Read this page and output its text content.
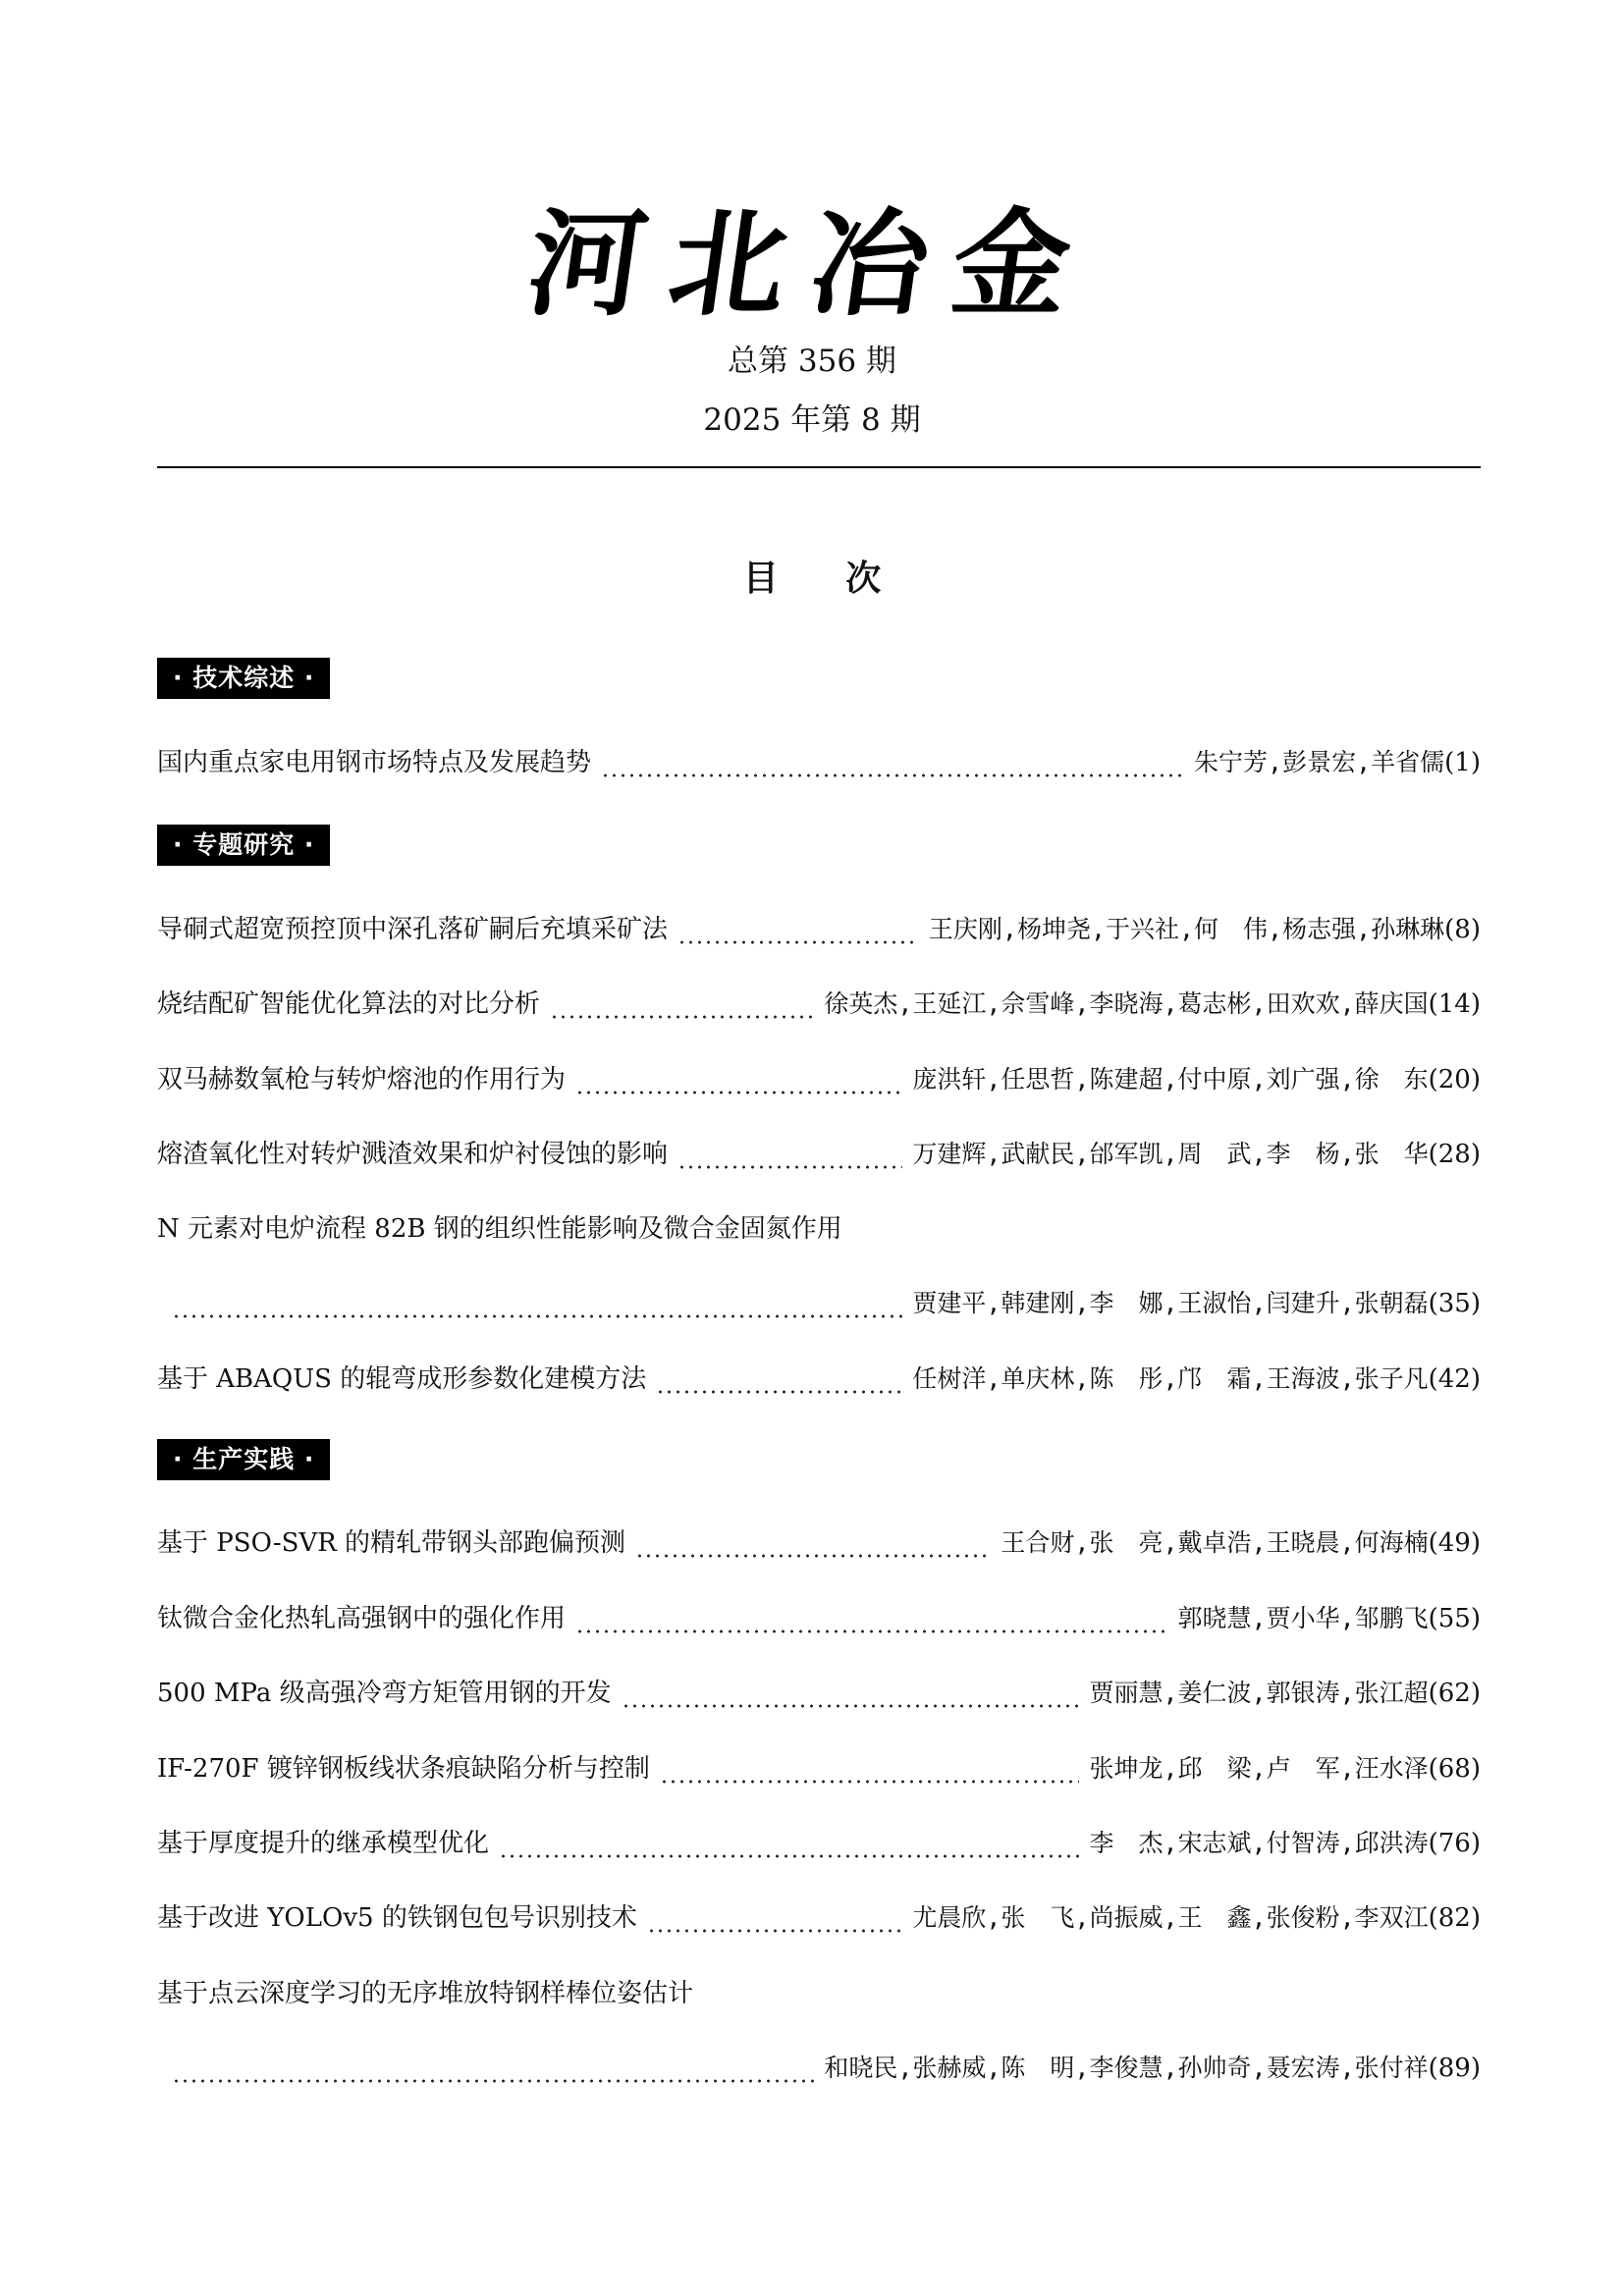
河北冶金
总第 356 期
2025 年第 8 期
目 次
· 技术综述 ·
国内重点家电用钢市场特点及发展趋势	朱宁芳,彭景宏,羊省儒 (1)
· 专题研究 ·
导硐式超宽预控顶中深孔落矿嗣后充填采矿法	王庆刚,杨坤尧,于兴社,何　伟,杨志强,孙琳琳 (8)
烧结配矿智能优化算法的对比分析	徐英杰,王延江,佘雪峰,李晓海,葛志彬,田欢欢,薛庆国 (14)
双马赫数氧枪与转炉熔池的作用行为	庞洪轩,任思哲,陈建超,付中原,刘广强,徐　东 (20)
熔渣氧化性对转炉溅渣效果和炉衬侵蚀的影响	万建辉,武献民,邰军凯,周　武,李　杨,张　华 (28)
N 元素对电炉流程 82B 钢的组织性能影响及微合金固氮作用
贾建平,韩建刚,李　娜,王淑怡,闫建升,张朝磊 (35)
基于 ABAQUS 的辊弯成形参数化建模方法	任树洋,单庆林,陈　彤,邝　霜,王海波,张子凡 (42)
· 生产实践 ·
基于 PSO-SVR 的精轧带钢头部跑偏预测	王合财,张　亮,戴卓浩,王晓晨,何海楠 (49)
钛微合金化热轧高强钢中的强化作用	郭晓慧,贾小华,邹鹏飞 (55)
500 MPa 级高强冷弯方矩管用钢的开发	贾丽慧,姜仁波,郭银涛,张江超 (62)
IF-270F 镀锌钢板线状条痕缺陷分析与控制	张坤龙,邱　梁,卢　军,汪水泽 (68)
基于厚度提升的继承模型优化	李　杰,宋志斌,付智涛,邱洪涛 (76)
基于改进 YOLOv5 的铁钢包包号识别技术	尤晨欣,张　飞,尚振威,王　鑫,张俊粉,李双江 (82)
基于点云深度学习的无序堆放特钢样棒位姿估计
和晓民,张赫威,陈　明,李俊慧,孙帅奇,聂宏涛,张付祥 (89)
